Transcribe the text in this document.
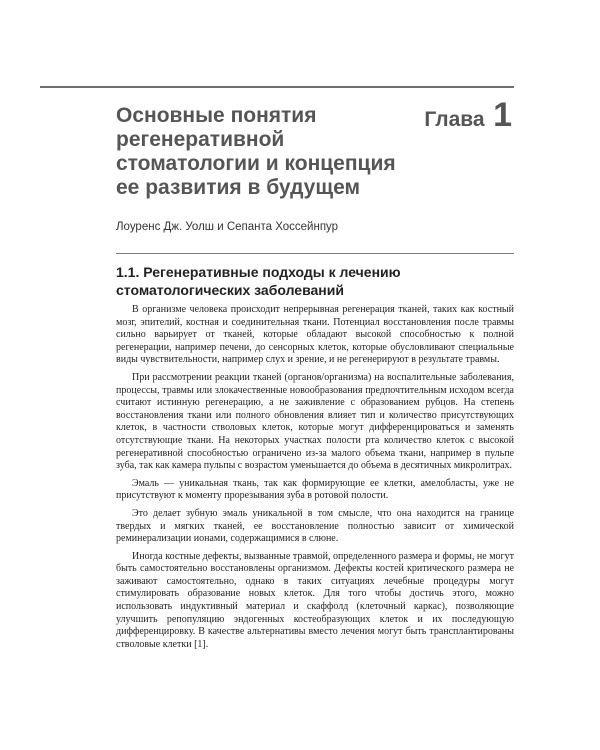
Основные понятия
регенеративной
стоматологии и концепция
ее развития в будущем
Глава 1

Лоуренс Дж. Уолш и Сепанта Хоссейнпур

1.1. Регенеративные подходы к лечению
стоматологических заболеваний

В организме человека происходит непрерывная регенерация тканей, таких как костный мозг, эпителий, костная и соединительная ткани. Потенциал восстановления после травмы сильно варьирует от тканей, которые обладают высокой способностью к полной регенерации, например печени, до сенсорных клеток, которые обусловливают специальные виды чувствительности, например слух и зрение, и не регенерируют в результате травмы.

При рассмотрении реакции тканей (органов/организма) на воспалительные заболевания, процессы, травмы или злокачественные новообразования предпочтительным исходом всегда считают истинную регенерацию, а не заживление с образованием рубцов. На степень восстановления ткани или полного обновления влияет тип и количество присутствующих клеток, в частности стволовых клеток, которые могут дифференцироваться и заменять отсутствующие ткани. На некоторых участках полости рта количество клеток с высокой регенеративной способностью ограничено из-за малого объема ткани, например в пульпе зуба, так как камера пульпы с возрастом уменьшается до объема в десятичных микролитрах.

Эмаль — уникальная ткань, так как формирующие ее клетки, амелобласты, уже не присутствуют к моменту прорезывания зуба в ротовой полости.

Это делает зубную эмаль уникальной в том смысле, что она находится на границе твердых и мягких тканей, ее восстановление полностью зависит от химической реминерализации ионами, содержащимися в слюне.

Иногда костные дефекты, вызванные травмой, определенного размера и формы, не могут быть самостоятельно восстановлены организмом. Дефекты костей критического размера не заживают самостоятельно, однако в таких ситуациях лечебные процедуры могут стимулировать образование новых клеток. Для того чтобы достичь этого, можно использовать индуктивный материал и скаффолд (клеточный каркас), позволяющие улучшить репопуляцию эндогенных костеобразующих клеток и их последующую дифференцировку. В качестве альтернативы вместо лечения могут быть трансплантированы стволовые клетки [1].
